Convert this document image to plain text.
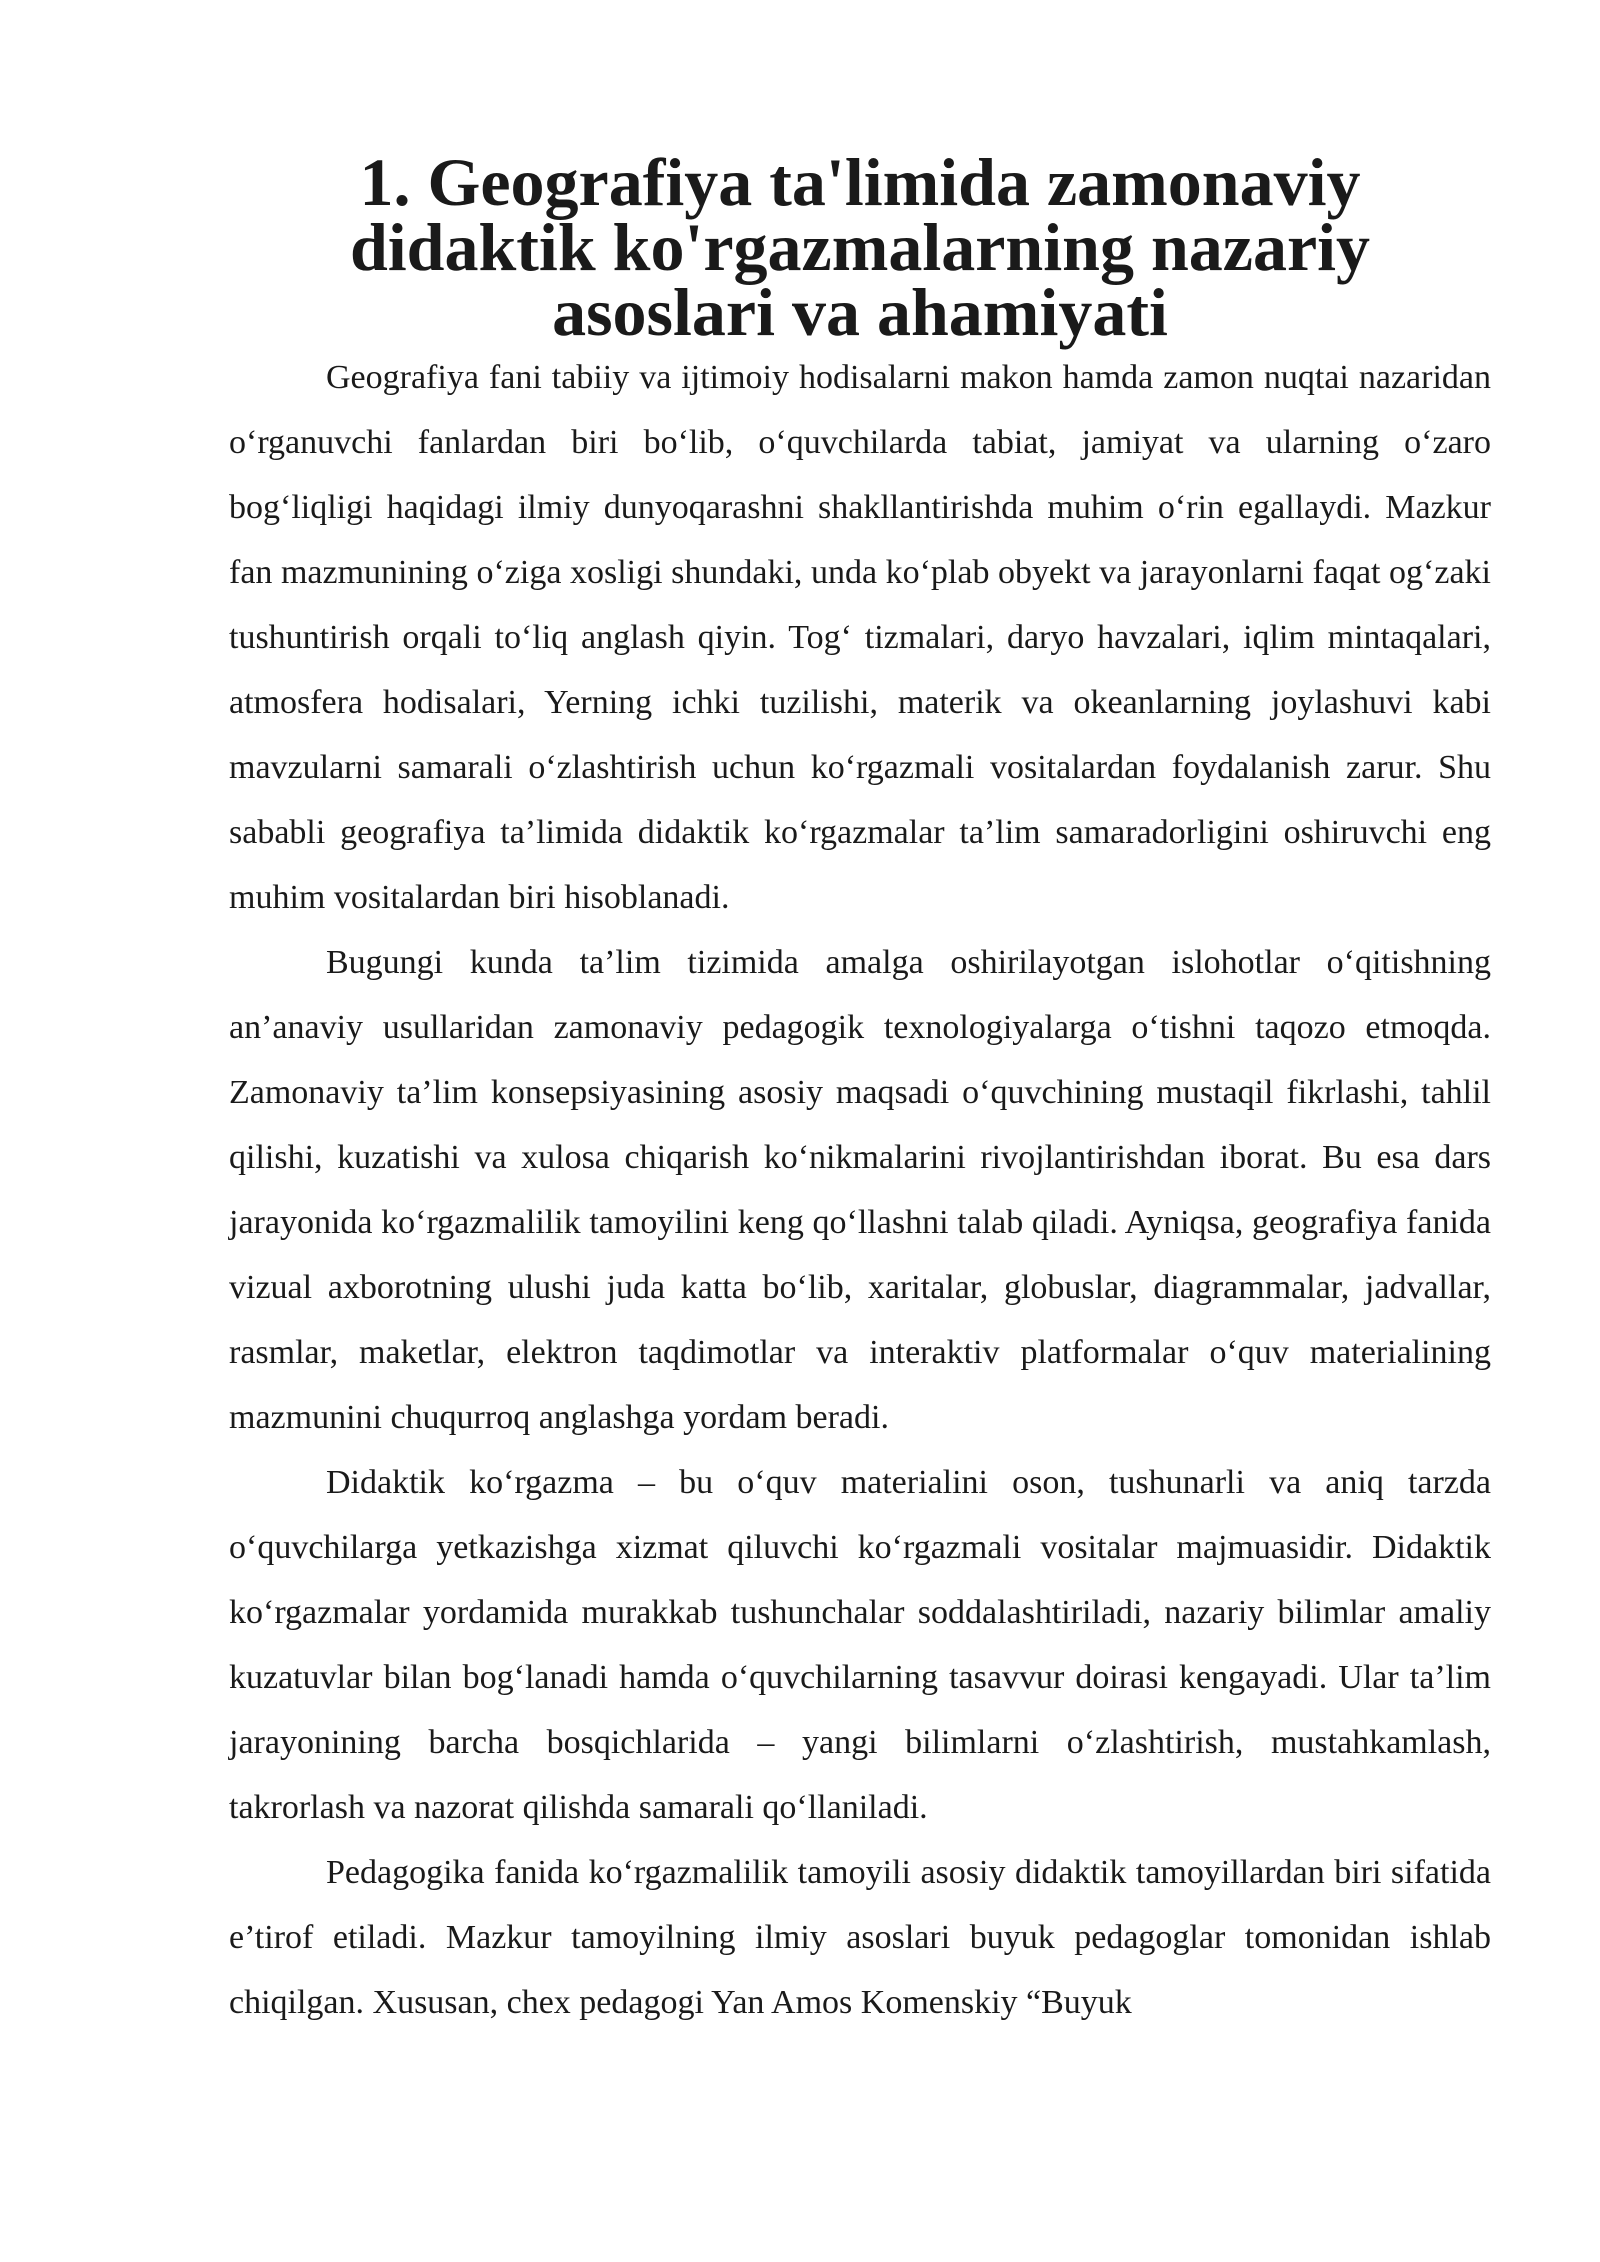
1. Geografiya ta'limida zamonaviy didaktik ko'rgazmalarning nazariy asoslari va ahamiyati

Geografiya fani tabiiy va ijtimoiy hodisalarni makon hamda zamon nuqtai nazaridan o‘rganuvchi fanlardan biri bo‘lib, o‘quvchilarda tabiat, jamiyat va ularning o‘zaro bog‘liqligi haqidagi ilmiy dunyoqarashni shakllantirishda muhim o‘rin egallaydi. Mazkur fan mazmunining o‘ziga xosligi shundaki, unda ko‘plab obyekt va jarayonlarni faqat og‘zaki tushuntirish orqali to‘liq anglash qiyin. Tog‘ tizmalari, daryo havzalari, iqlim mintaqalari, atmosfera hodisalari, Yerning ichki tuzilishi, materik va okeanlarning joylashuvi kabi mavzularni samarali o‘zlashtirish uchun ko‘rgazmali vositalardan foydalanish zarur. Shu sababli geografiya ta’limida didaktik ko‘rgazmalar ta’lim samaradorligini oshiruvchi eng muhim vositalardan biri hisoblanadi.

Bugungi kunda ta’lim tizimida amalga oshirilayotgan islohotlar o‘qitishning an’anaviy usullaridan zamonaviy pedagogik texnologiyalarga o‘tishni taqozo etmoqda. Zamonaviy ta’lim konsepsiyasining asosiy maqsadi o‘quvchining mustaqil fikrlashi, tahlil qilishi, kuzatishi va xulosa chiqarish ko‘nikmalarini rivojlantirishdan iborat. Bu esa dars jarayonida ko‘rgazmalilik tamoyilini keng qo‘llashni talab qiladi. Ayniqsa, geografiya fanida vizual axborotning ulushi juda katta bo‘lib, xaritalar, globuslar, diagrammalar, jadvallar, rasmlar, maketlar, elektron taqdimotlar va interaktiv platformalar o‘quv materialining mazmunini chuqurroq anglashga yordam beradi.

Didaktik ko‘rgazma – bu o‘quv materialini oson, tushunarli va aniq tarzda o‘quvchilarga yetkazishga xizmat qiluvchi ko‘rgazmali vositalar majmuasidir. Didaktik ko‘rgazmalar yordamida murakkab tushunchalar soddalashtiriladi, nazariy bilimlar amaliy kuzatuvlar bilan bog‘lanadi hamda o‘quvchilarning tasavvur doirasi kengayadi. Ular ta’lim jarayonining barcha bosqichlarida – yangi bilimlarni o‘zlashtirish, mustahkamlash, takrorlash va nazorat qilishda samarali qo‘llaniladi.

Pedagogika fanida ko‘rgazmalilik tamoyili asosiy didaktik tamoyillardan biri sifatida e’tirof etiladi. Mazkur tamoyilning ilmiy asoslari buyuk pedagoglar tomonidan ishlab chiqilgan. Xususan, chex pedagogi Yan Amos Komenskiy “Buyuk
